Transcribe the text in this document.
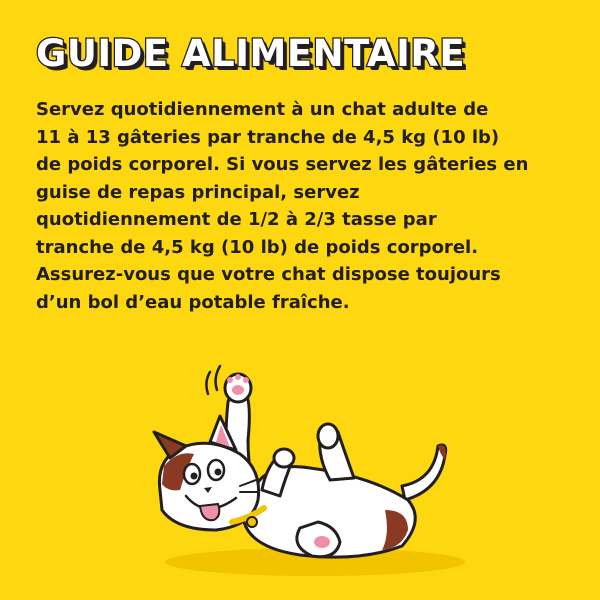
GUIDE ALIMENTAIRE
Servez quotidiennement à un chat adulte de
11 à 13 gâteries par tranche de 4,5 kg (10 lb)
de poids corporel. Si vous servez les gâteries en
guise de repas principal, servez
quotidiennement de 1/2 à 2/3 tasse par
tranche de 4,5 kg (10 lb) de poids corporel.
Assurez-vous que votre chat dispose toujours
d’un bol d’eau potable fraîche.
